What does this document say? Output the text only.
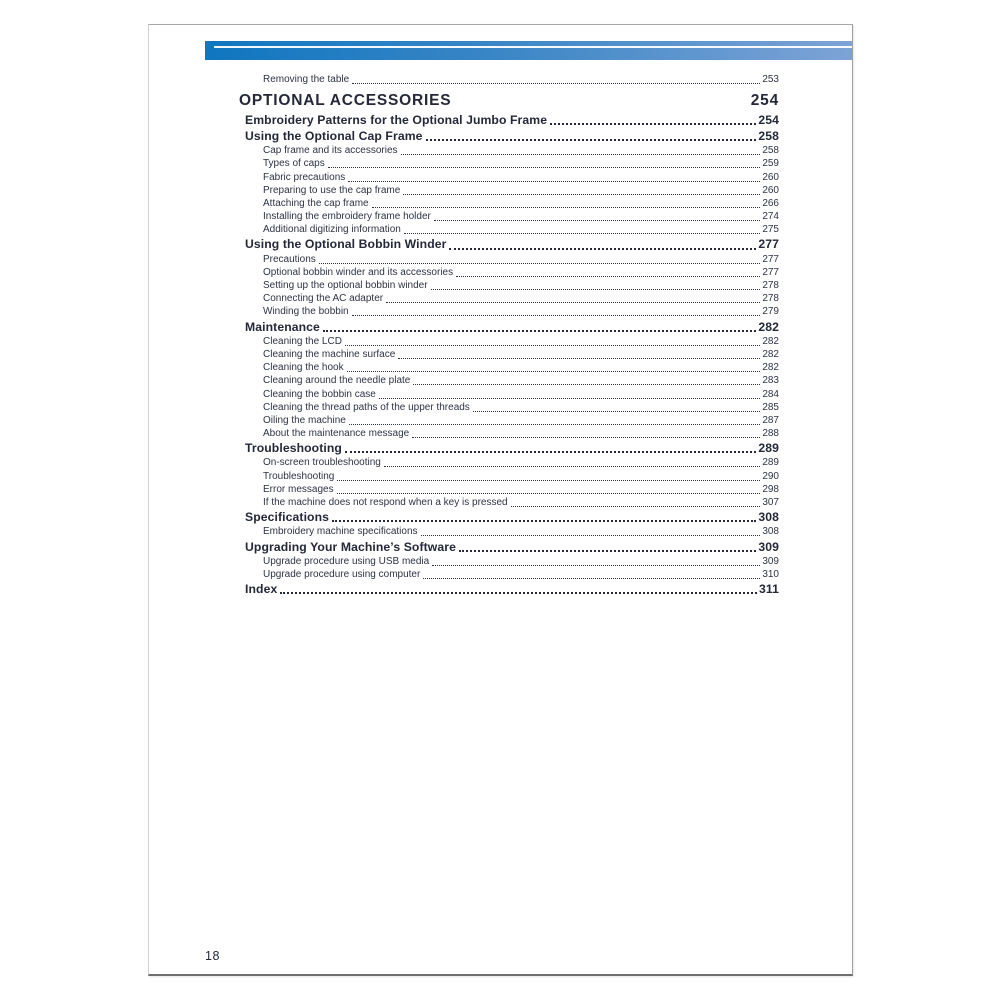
Removing the table	253
OPTIONAL ACCESSORIES	254
Embroidery Patterns for the Optional Jumbo Frame	254
Using the Optional Cap Frame	258
Cap frame and its accessories	258
Types of caps	259
Fabric precautions	260
Preparing to use the cap frame	260
Attaching the cap frame	266
Installing the embroidery frame holder	274
Additional digitizing information	275
Using the Optional Bobbin Winder	277
Precautions	277
Optional bobbin winder and its accessories	277
Setting up the optional bobbin winder	278
Connecting the AC adapter	278
Winding the bobbin	279
Maintenance	282
Cleaning the LCD	282
Cleaning the machine surface	282
Cleaning the hook	282
Cleaning around the needle plate	283
Cleaning the bobbin case	284
Cleaning the thread paths of the upper threads	285
Oiling the machine	287
About the maintenance message	288
Troubleshooting	289
On-screen troubleshooting	289
Troubleshooting	290
Error messages	298
If the machine does not respond when a key is pressed	307
Specifications	308
Embroidery machine specifications	308
Upgrading Your Machine’s Software	309
Upgrade procedure using USB media	309
Upgrade procedure using computer	310
Index	311
18
